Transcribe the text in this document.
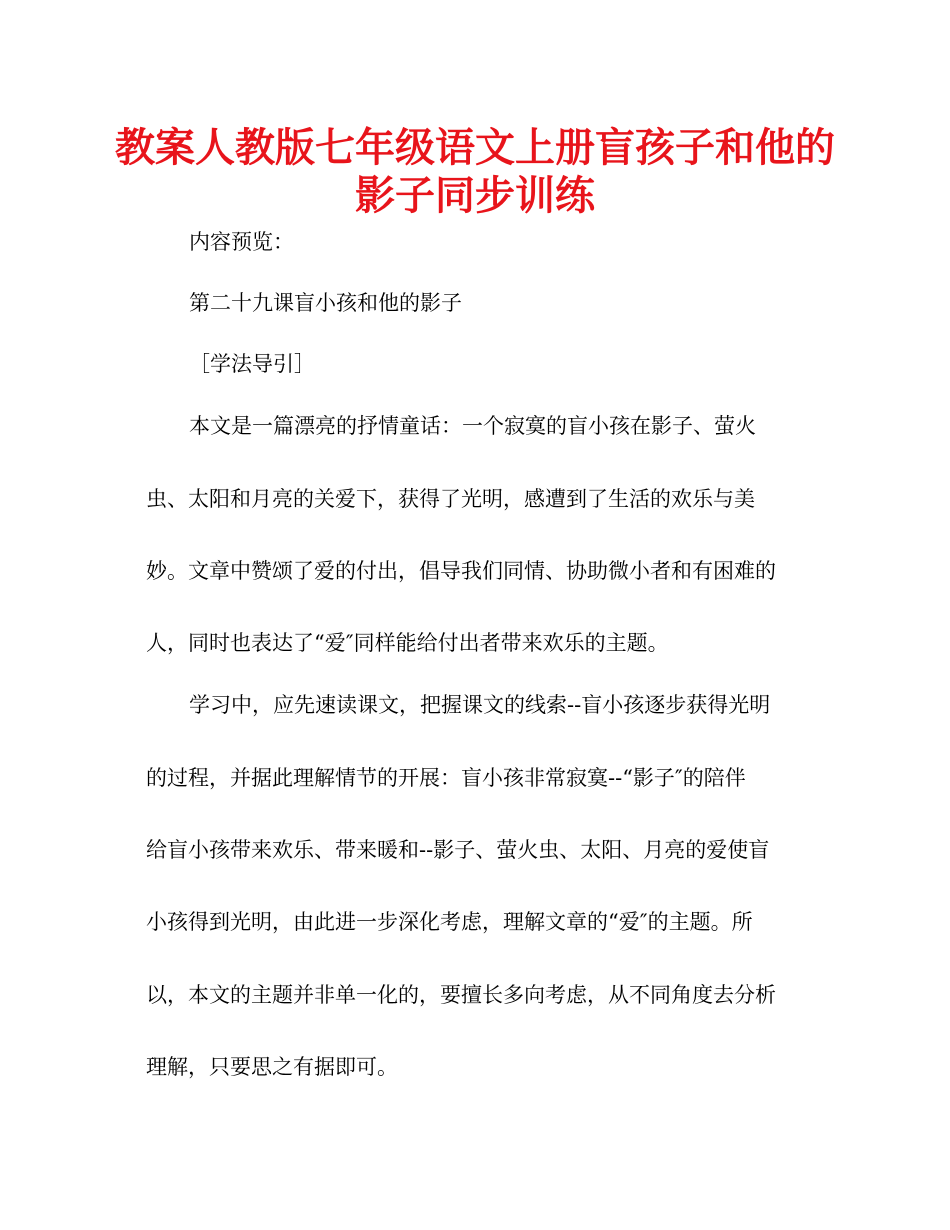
教案人教版七年级语文上册盲孩子和他的
影子同步训练

内容预览：

第二十九课盲小孩和他的影子

［学法导引］

本文是一篇漂亮的抒情童话：一个寂寞的盲小孩在影子、萤火

虫、太阳和月亮的关爱下，获得了光明，感遭到了生活的欢乐与美

妙。文章中赞颂了爱的付出，倡导我们同情、协助微小者和有困难的

人，同时也表达了“爱″同样能给付出者带来欢乐的主题。

学习中，应先速读课文，把握课文的线索--盲小孩逐步获得光明

的过程，并据此理解情节的开展：盲小孩非常寂寞--“影子″的陪伴

给盲小孩带来欢乐、带来暖和--影子、萤火虫、太阳、月亮的爱使盲

小孩得到光明，由此进一步深化考虑，理解文章的“爱″的主题。所

以，本文的主题并非单一化的，要擅长多向考虑，从不同角度去分析

理解，只要思之有据即可。
